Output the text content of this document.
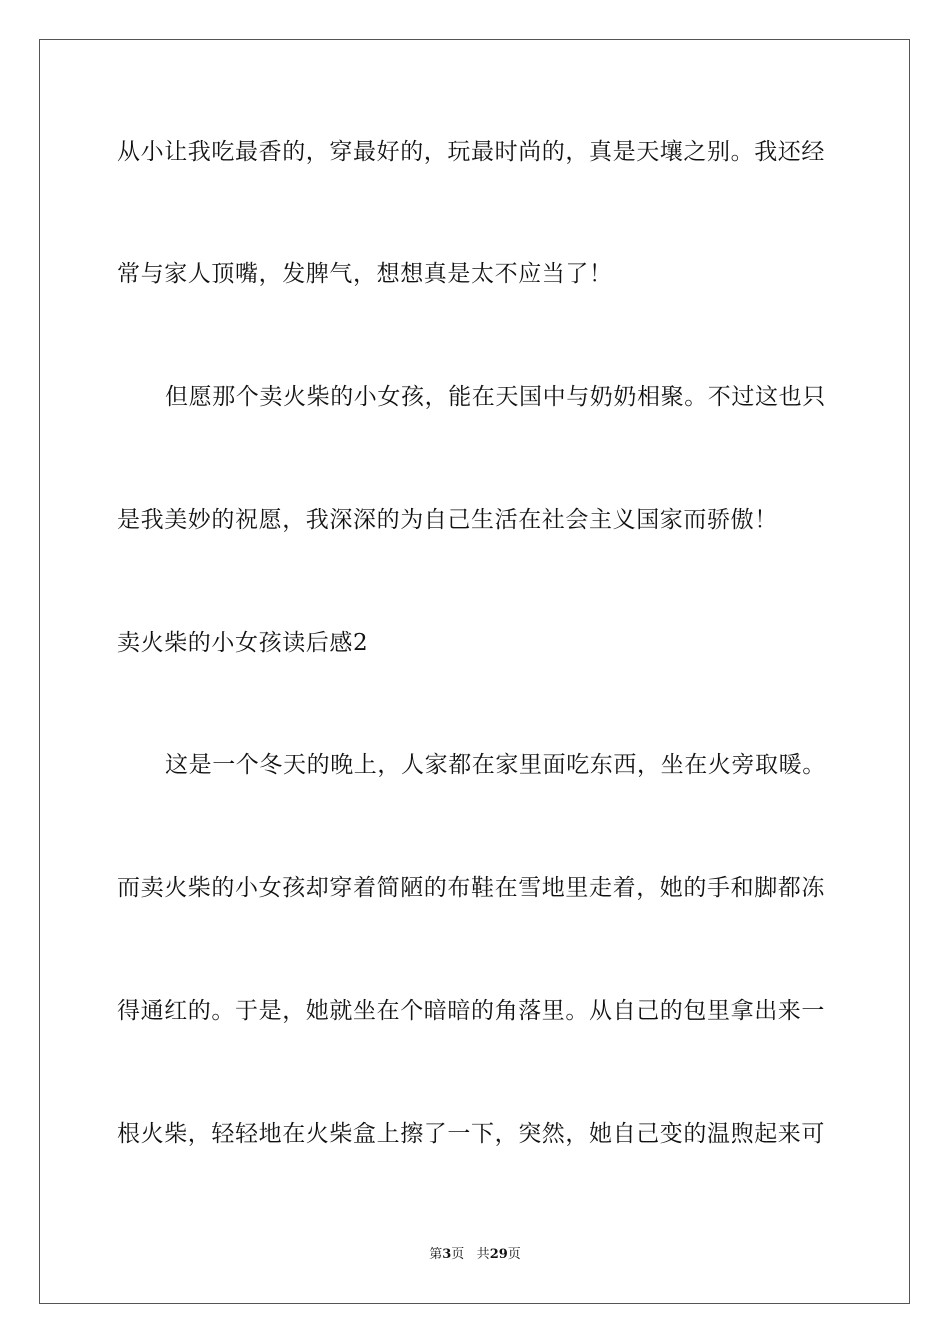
从小让我吃最香的，穿最好的，玩最时尚的，真是天壤之别。我还经
常与家人顶嘴，发脾气，想想真是太不应当了！
但愿那个卖火柴的小女孩，能在天国中与奶奶相聚。不过这也只
是我美妙的祝愿，我深深的为自己生活在社会主义国家而骄傲！
卖火柴的小女孩读后感2
这是一个冬天的晚上，人家都在家里面吃东西，坐在火旁取暖。
而卖火柴的小女孩却穿着简陋的布鞋在雪地里走着，她的手和脚都冻
得通红的。于是，她就坐在个暗暗的角落里。从自己的包里拿出来一
根火柴，轻轻地在火柴盒上擦了一下，突然，她自己变的温煦起来可
第3页 共29页
